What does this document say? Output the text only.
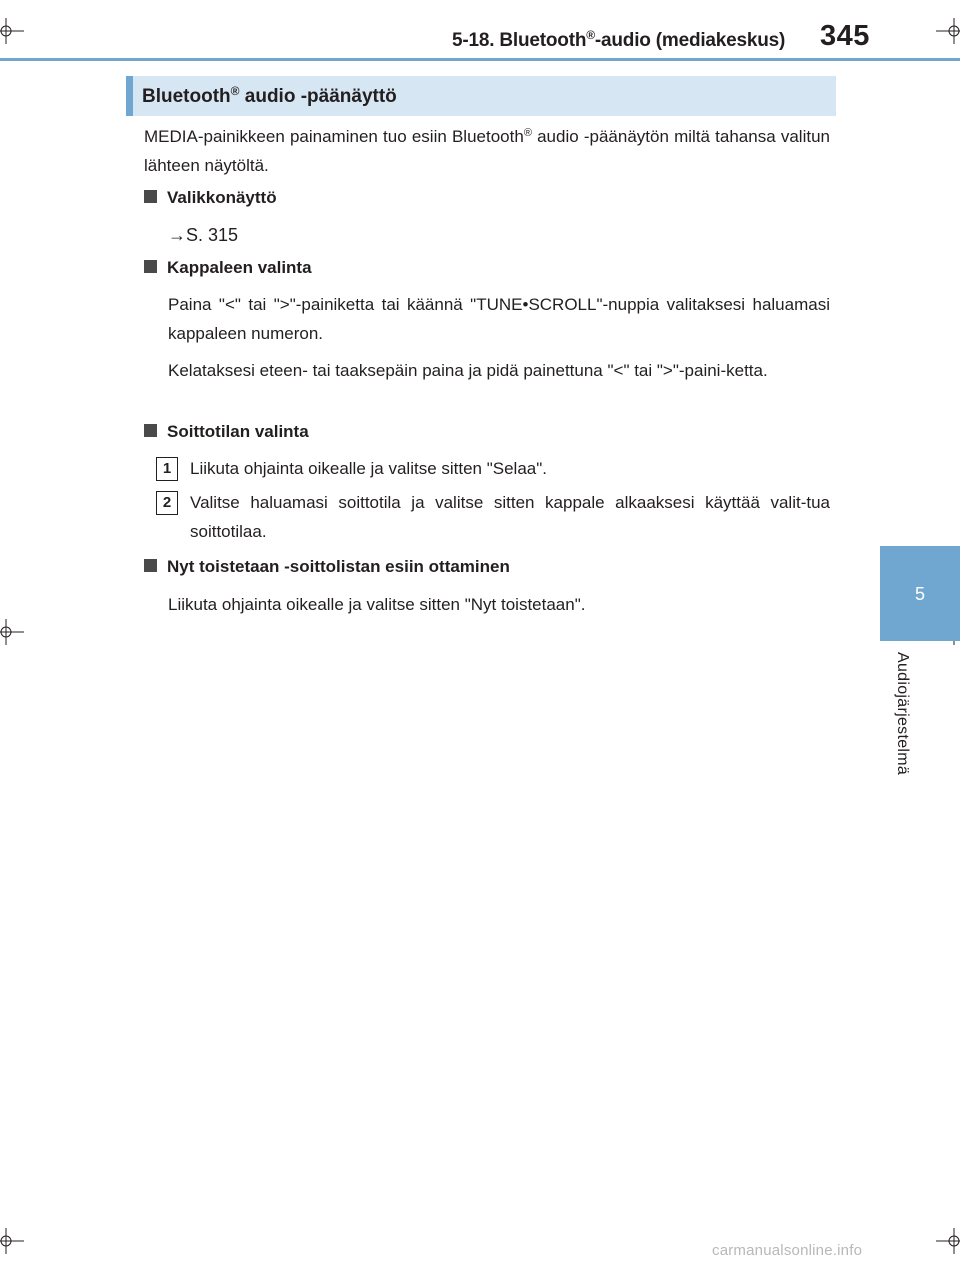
5-18. Bluetooth®-audio (mediakeskus) 345
5
Audiojärjestelmä
Bluetooth® audio -päänäyttö
MEDIA-painikkeen painaminen tuo esiin Bluetooth® audio -päänäytön miltä tahansa valitun lähteen näytöltä.
Valikkonäyttö
→S. 315
Kappaleen valinta
Paina "<" tai ">"-painiketta tai käännä "TUNE•SCROLL"-nuppia valitaksesi haluamasi kappaleen numeron.
Kelataksesi eteen- tai taaksepäin paina ja pidä painettuna "<" tai ">"-paini-ketta.
Soittotilan valinta
1	Liikuta ohjainta oikealle ja valitse sitten "Selaa".
2	Valitse haluamasi soittotila ja valitse sitten kappale alkaaksesi käyttää valit-tua soittotilaa.
Nyt toistetaan -soittolistan esiin ottaminen
Liikuta ohjainta oikealle ja valitse sitten "Nyt toistetaan".
carmanualsonline.info
